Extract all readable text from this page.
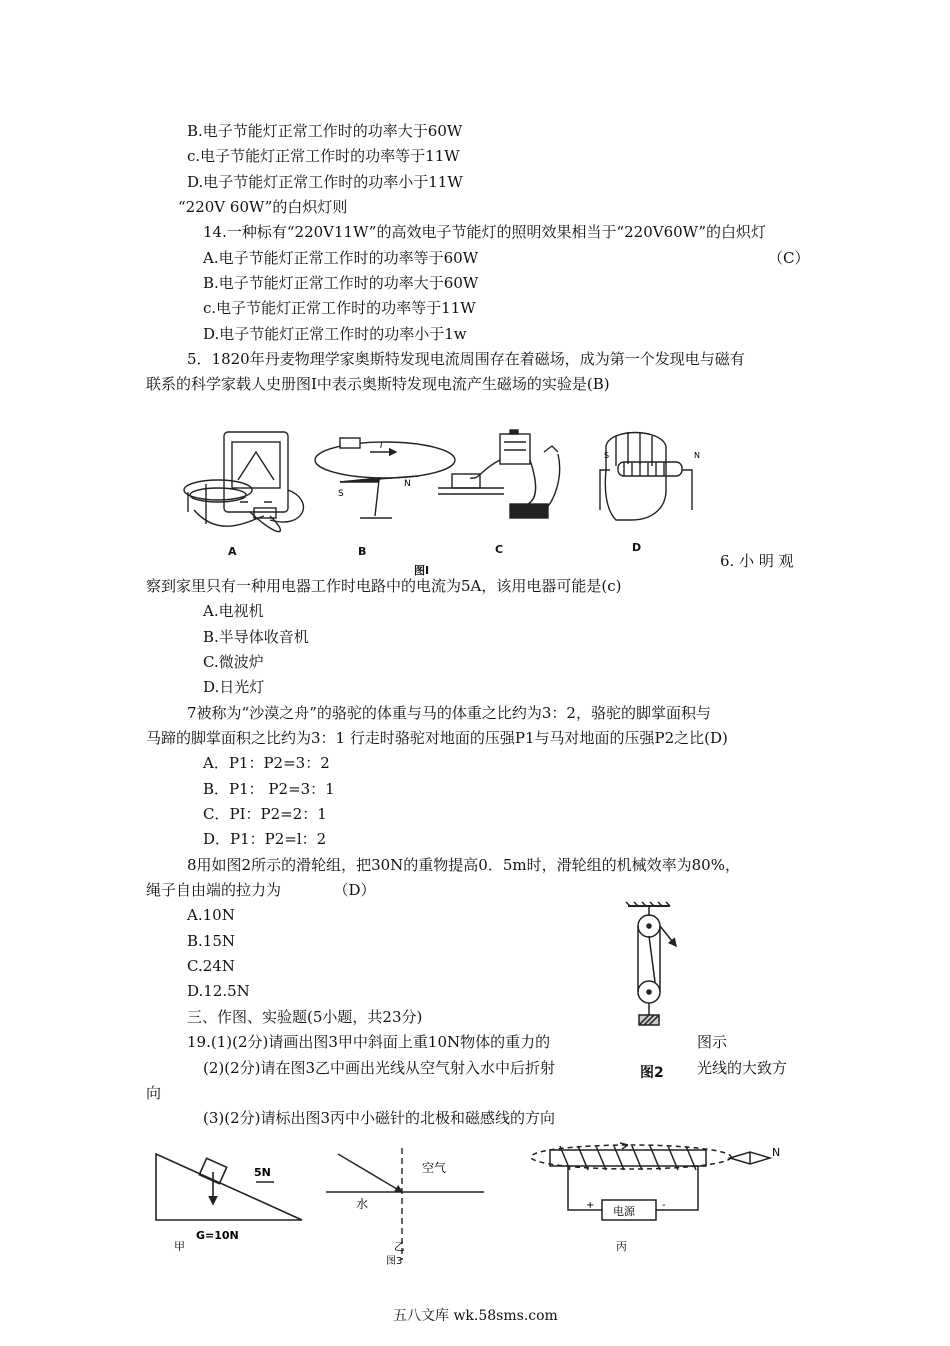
B.电子节能灯正常工作时的功率大于60W
c.电子节能灯正常工作时的功率等于11W
D.电子节能灯正常工作时的功率小于11W
“220V 60W”的白炽灯则
14.一种标有“220V11W”的高效电子节能灯的照明效果相当于“220V60W”的白炽灯
A.电子节能灯正常工作时的功率等于60W	（C）
B.电子节能灯正常工作时的功率大于60W
c.电子节能灯正常工作时的功率等于11W
D.电子节能灯正常工作时的功率小于1w
5．1820年丹麦物理学家奥斯特发现电流周围存在着磁场，成为第一个发现电与磁有
联系的科学家载人史册图Ⅰ中表示奥斯特发现电流产生磁场的实验是(B)
I
S
N
S	N
A	B	C	D
图Ⅰ
6. 小 明 观
察到家里只有一种用电器工作时电路中的电流为5A，该用电器可能是(c)
A.电视机
B.半导体收音机
C.微波炉
D.日光灯
7被称为“沙漠之舟”的骆驼的体重与马的体重之比约为3：2，骆驼的脚掌面积与
马蹄的脚掌面积之比约为3：1 行走时骆驼对地面的压强P1与马对地面的压强P2之比(D)
A．P1：P2=3：2
B．P1： P2=3：1
C．PI：P2=2：1
D．P1：P2=l：2
8用如图2所示的滑轮组，把30N的重物提高0．5m时，滑轮组的机械效率为80%，
绳子自由端的拉力为　　　　（D）
A.10N
B.15N
C.24N
D.12.5N
图2
三、作图、实验题(5小题，共23分)
19.(1)(2分)请画出图3甲中斜面上重10N物体的重力的	图示
(2)(2分)请在图3乙中画出光线从空气射入水中后折射	光线的大致方
向
(3)(2分)请标出图3丙中小磁针的北极和磁感线的方向
5N
G=10N
空气
水
电源
+	-
N
甲	乙	丙
图3
五八文库 wk.58sms.com
